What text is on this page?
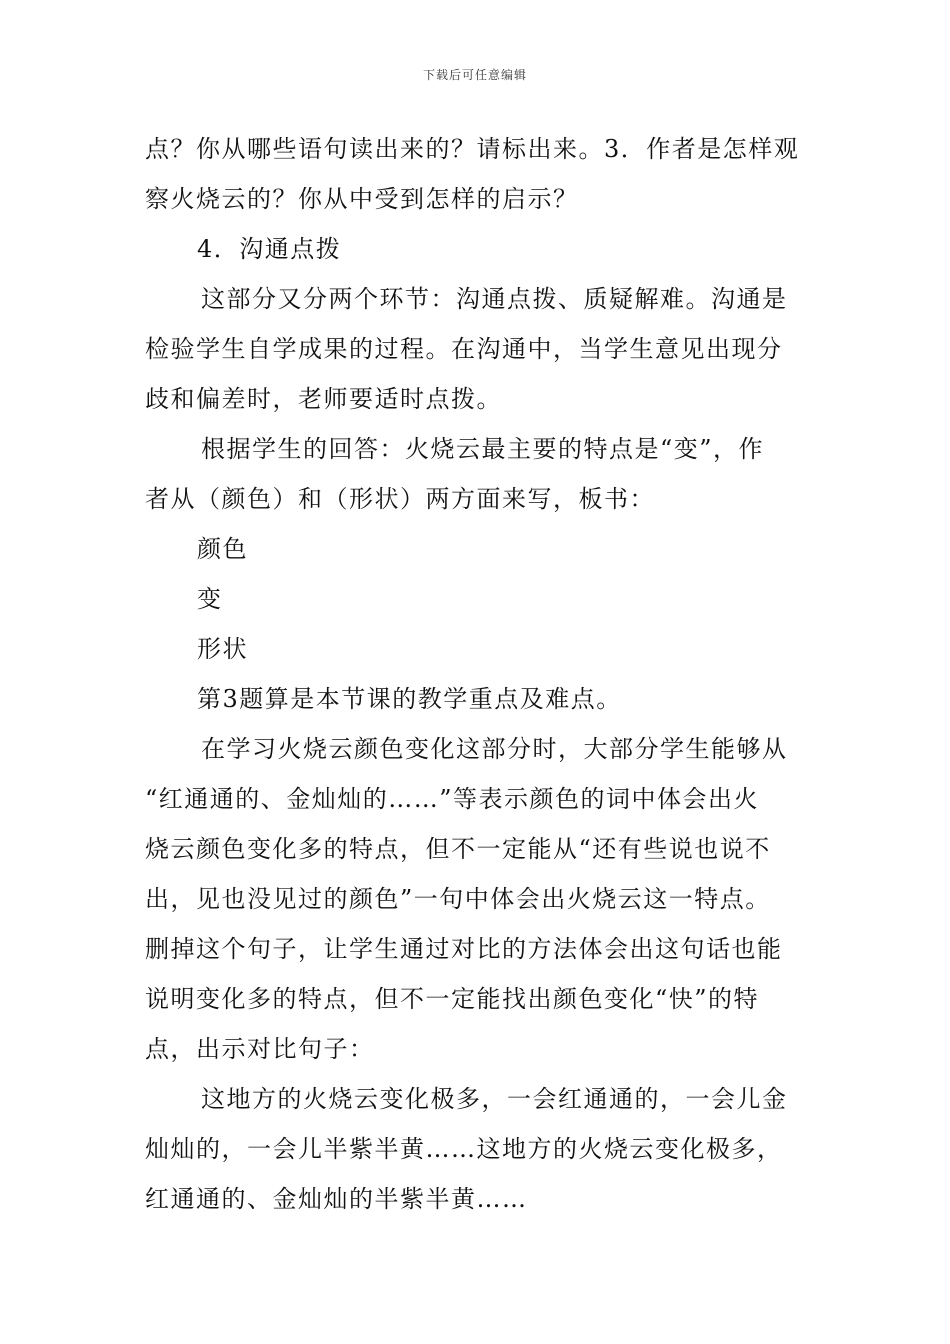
下载后可任意编辑
点？你从哪些语句读出来的？请标出来。3．作者是怎样观
察火烧云的？你从中受到怎样的启示？
4．沟通点拨
这部分又分两个环节：沟通点拨、质疑解难。沟通是
检验学生自学成果的过程。在沟通中，当学生意见出现分
歧和偏差时，老师要适时点拨。
根据学生的回答：火烧云最主要的特点是“变”，作
者从（颜色）和（形状）两方面来写，板书：
颜色
变
形状
第3题算是本节课的教学重点及难点。
在学习火烧云颜色变化这部分时，大部分学生能够从
“红通通的、金灿灿的……”等表示颜色的词中体会出火
烧云颜色变化多的特点，但不一定能从“还有些说也说不
出，见也没见过的颜色”一句中体会出火烧云这一特点。
删掉这个句子，让学生通过对比的方法体会出这句话也能
说明变化多的特点，但不一定能找出颜色变化“快”的特
点，出示对比句子：
这地方的火烧云变化极多，一会红通通的，一会儿金
灿灿的，一会儿半紫半黄……这地方的火烧云变化极多，
红通通的、金灿灿的半紫半黄……
